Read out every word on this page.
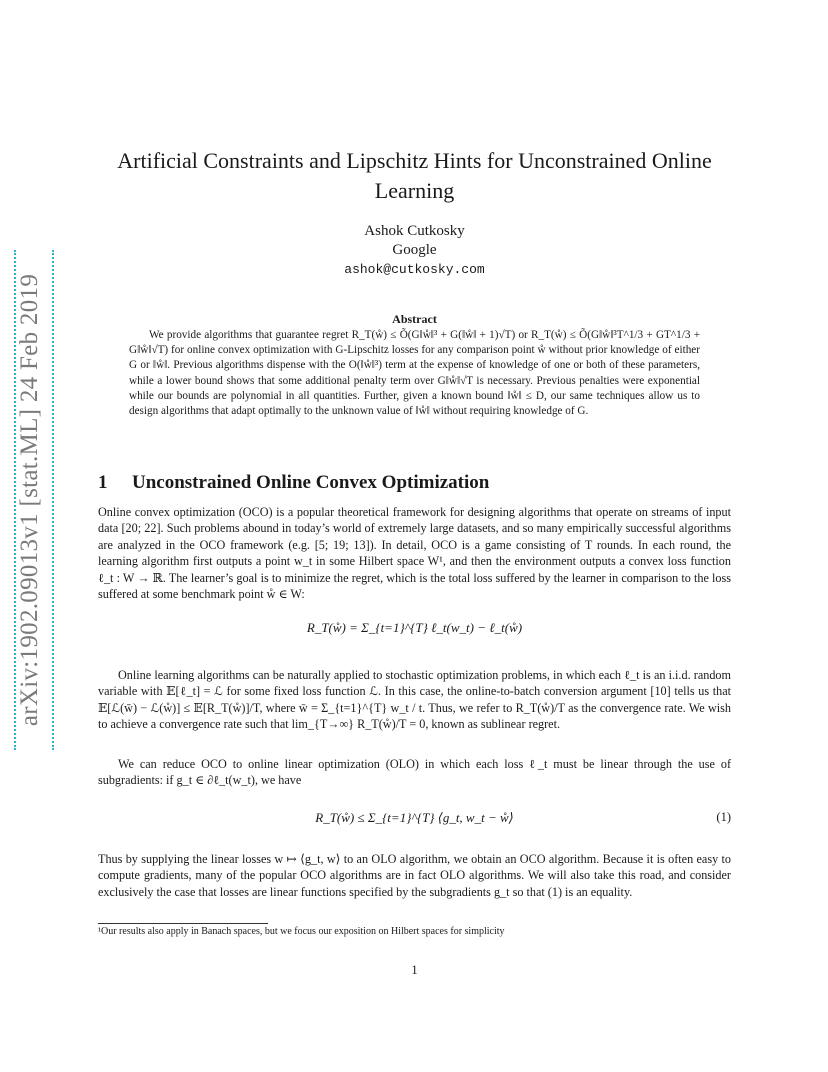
arXiv:1902.09013v1 [stat.ML] 24 Feb 2019
Artificial Constraints and Lipschitz Hints for Unconstrained Online
Learning
Ashok Cutkosky
Google
ashok@cutkosky.com
Abstract

We provide algorithms that guarantee regret R_T(ẘ) ≤ Õ(G‖ẘ‖³ + G(‖ẘ‖ + 1)√T) or R_T(ẘ) ≤ Õ(G‖ẘ‖³T^1/3 + GT^1/3 + G‖ẘ‖√T) for online convex optimization with G-Lipschitz losses for any comparison point ẘ without prior knowledge of either G or ‖ẘ‖. Previous algorithms dispense with the O(‖ẘ‖³) term at the expense of knowledge of one or both of these parameters, while a lower bound shows that some additional penalty term over G‖ẘ‖√T is necessary. Previous penalties were exponential while our bounds are polynomial in all quantities. Further, given a known bound ‖ẘ‖ ≤ D, our same techniques allow us to design algorithms that adapt optimally to the unknown value of ‖ẘ‖ without requiring knowledge of G.

1 Unconstrained Online Convex Optimization

Online convex optimization (OCO) is a popular theoretical framework for designing algorithms that operate on streams of input data [20; 22]. Such problems abound in today’s world of extremely large datasets, and so many empirically successful algorithms are analyzed in the OCO framework (e.g. [5; 19; 13]). In detail, OCO is a game consisting of T rounds. In each round, the learning algorithm first outputs a point w_t in some Hilbert space W¹, and then the environment outputs a convex loss function ℓ_t : W → ℝ. The learner’s goal is to minimize the regret, which is the total loss suffered by the learner in comparison to the loss suffered at some benchmark point ẘ ∈ W:

R_T(ẘ) = Σ_{t=1}^{T} ℓ_t(w_t) − ℓ_t(ẘ)

Online learning algorithms can be naturally applied to stochastic optimization problems, in which each ℓ_t is an i.i.d. random variable with 𝔼[ℓ_t] = ℒ for some fixed loss function ℒ. In this case, the online-to-batch conversion argument [10] tells us that 𝔼[ℒ(w̄) − ℒ(ẘ)] ≤ 𝔼[R_T(ẘ)]/T, where w̄ = Σ_{t=1}^{T} w_t / t. Thus, we refer to R_T(ẘ)/T as the convergence rate. We wish to achieve a convergence rate such that lim_{T→∞} R_T(ẘ)/T = 0, known as sublinear regret.

We can reduce OCO to online linear optimization (OLO) in which each loss ℓ_t must be linear through the use of subgradients: if g_t ∈ ∂ℓ_t(w_t), we have

R_T(ẘ) ≤ Σ_{t=1}^{T} ⟨g_t, w_t − ẘ⟩	(1)

Thus by supplying the linear losses w ↦ ⟨g_t, w⟩ to an OLO algorithm, we obtain an OCO algorithm. Because it is often easy to compute gradients, many of the popular OCO algorithms are in fact OLO algorithms. We will also take this road, and consider exclusively the case that losses are linear functions specified by the subgradients g_t so that (1) is an equality.

¹Our results also apply in Banach spaces, but we focus our exposition on Hilbert spaces for simplicity
1
